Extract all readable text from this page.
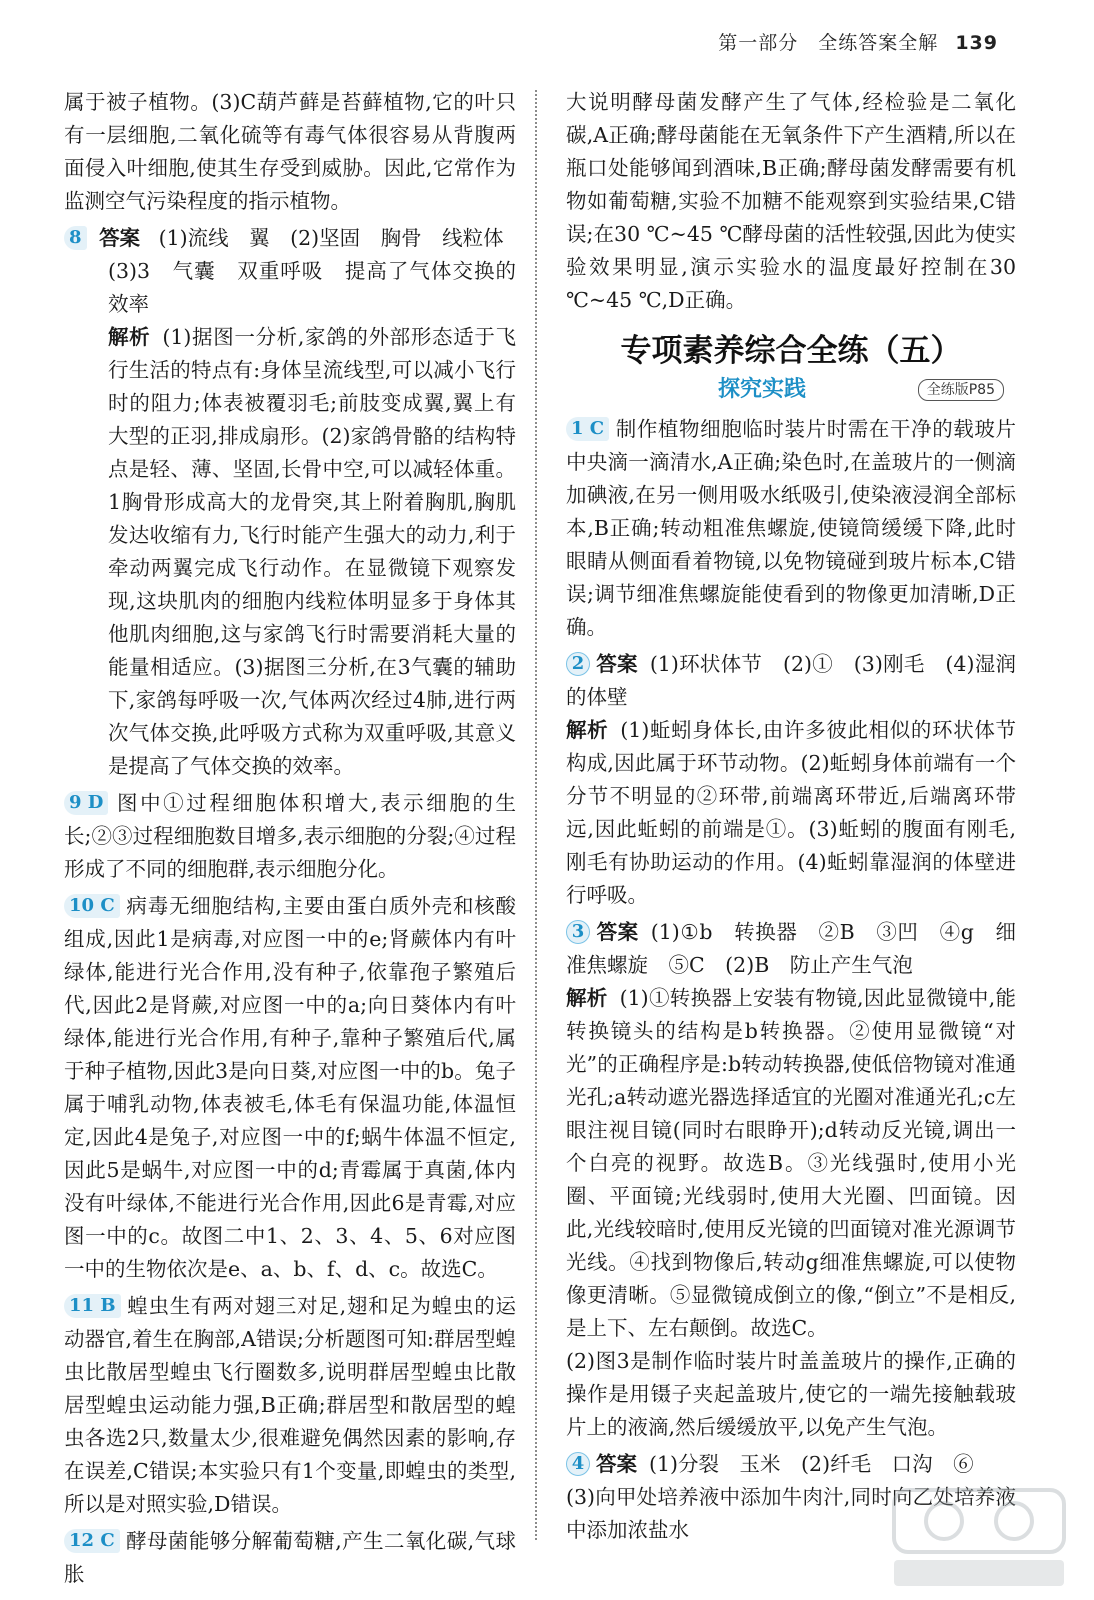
第一部分　全练答案全解 139

属于被子植物。(3)C葫芦藓是苔藓植物,它的叶只有一层细胞,二氧化硫等有毒气体很容易从背腹两面侵入叶细胞,使其生存受到威胁。因此,它常作为监测空气污染程度的指示植物。

8 答案 (1)流线　翼　(2)坚固　胸骨　线粒体

(3)3　气囊　双重呼吸　提高了气体交换的效率

解析 (1)据图一分析,家鸽的外部形态适于飞行生活的特点有:身体呈流线型,可以减小飞行时的阻力;体表被覆羽毛;前肢变成翼,翼上有大型的正羽,排成扇形。(2)家鸽骨骼的结构特点是轻、薄、坚固,长骨中空,可以减轻体重。1胸骨形成高大的龙骨突,其上附着胸肌,胸肌发达收缩有力,飞行时能产生强大的动力,利于牵动两翼完成飞行动作。在显微镜下观察发现,这块肌肉的细胞内线粒体明显多于身体其他肌肉细胞,这与家鸽飞行时需要消耗大量的能量相适应。(3)据图三分析,在3气囊的辅助下,家鸽每呼吸一次,气体两次经过4肺,进行两次气体交换,此呼吸方式称为双重呼吸,其意义是提高了气体交换的效率。

9 D 图中①过程细胞体积增大,表示细胞的生长;②③过程细胞数目增多,表示细胞的分裂;④过程形成了不同的细胞群,表示细胞分化。

10 C 病毒无细胞结构,主要由蛋白质外壳和核酸组成,因此1是病毒,对应图一中的e;肾蕨体内有叶绿体,能进行光合作用,没有种子,依靠孢子繁殖后代,因此2是肾蕨,对应图一中的a;向日葵体内有叶绿体,能进行光合作用,有种子,靠种子繁殖后代,属于种子植物,因此3是向日葵,对应图一中的b。兔子属于哺乳动物,体表被毛,体毛有保温功能,体温恒定,因此4是兔子,对应图一中的f;蜗牛体温不恒定,因此5是蜗牛,对应图一中的d;青霉属于真菌,体内没有叶绿体,不能进行光合作用,因此6是青霉,对应图一中的c。故图二中1、2、3、4、5、6对应图一中的生物依次是e、a、b、f、d、c。故选C。

11 B 蝗虫生有两对翅三对足,翅和足为蝗虫的运动器官,着生在胸部,A错误;分析题图可知:群居型蝗虫比散居型蝗虫飞行圈数多,说明群居型蝗虫比散居型蝗虫运动能力强,B正确;群居型和散居型的蝗虫各选2只,数量太少,很难避免偶然因素的影响,存在误差,C错误;本实验只有1个变量,即蝗虫的类型,所以是对照实验,D错误。

12 C 酵母菌能够分解葡萄糖,产生二氧化碳,气球胀

大说明酵母菌发酵产生了气体,经检验是二氧化碳,A正确;酵母菌能在无氧条件下产生酒精,所以在瓶口处能够闻到酒味,B正确;酵母菌发酵需要有机物如葡萄糖,实验不加糖不能观察到实验结果,C错误;在30 ℃~45 ℃酵母菌的活性较强,因此为使实验效果明显,演示实验水的温度最好控制在30 ℃~45 ℃,D正确。

专项素养综合全练（五）
探究实践	全练版P85

1 C 制作植物细胞临时装片时需在干净的载玻片中央滴一滴清水,A正确;染色时,在盖玻片的一侧滴加碘液,在另一侧用吸水纸吸引,使染液浸润全部标本,B正确;转动粗准焦螺旋,使镜筒缓缓下降,此时眼睛从侧面看着物镜,以免物镜碰到玻片标本,C错误;调节细准焦螺旋能使看到的物像更加清晰,D正确。

2 答案 (1)环状体节　(2)①　(3)刚毛　(4)湿润的体壁

解析 (1)蚯蚓身体长,由许多彼此相似的环状体节构成,因此属于环节动物。(2)蚯蚓身体前端有一个分节不明显的②环带,前端离环带近,后端离环带远,因此蚯蚓的前端是①。(3)蚯蚓的腹面有刚毛,刚毛有协助运动的作用。(4)蚯蚓靠湿润的体壁进行呼吸。

3 答案 (1)①b　转换器　②B　③凹　④g　细准焦螺旋　⑤C　(2)B　防止产生气泡

解析 (1)①转换器上安装有物镜,因此显微镜中,能转换镜头的结构是b转换器。②使用显微镜“对光”的正确程序是:b转动转换器,使低倍物镜对准通光孔;a转动遮光器选择适宜的光圈对准通光孔;c左眼注视目镜(同时右眼睁开);d转动反光镜,调出一个白亮的视野。故选B。③光线强时,使用小光圈、平面镜;光线弱时,使用大光圈、凹面镜。因此,光线较暗时,使用反光镜的凹面镜对准光源调节光线。④找到物像后,转动g细准焦螺旋,可以使物像更清晰。⑤显微镜成倒立的像,“倒立”不是相反,是上下、左右颠倒。故选C。

(2)图3是制作临时装片时盖盖玻片的操作,正确的操作是用镊子夹起盖玻片,使它的一端先接触载玻片上的液滴,然后缓缓放平,以免产生气泡。

4 答案 (1)分裂　玉米　(2)纤毛　口沟　⑥

(3)向甲处培养液中添加牛肉汁,同时向乙处培养液中添加浓盐水
